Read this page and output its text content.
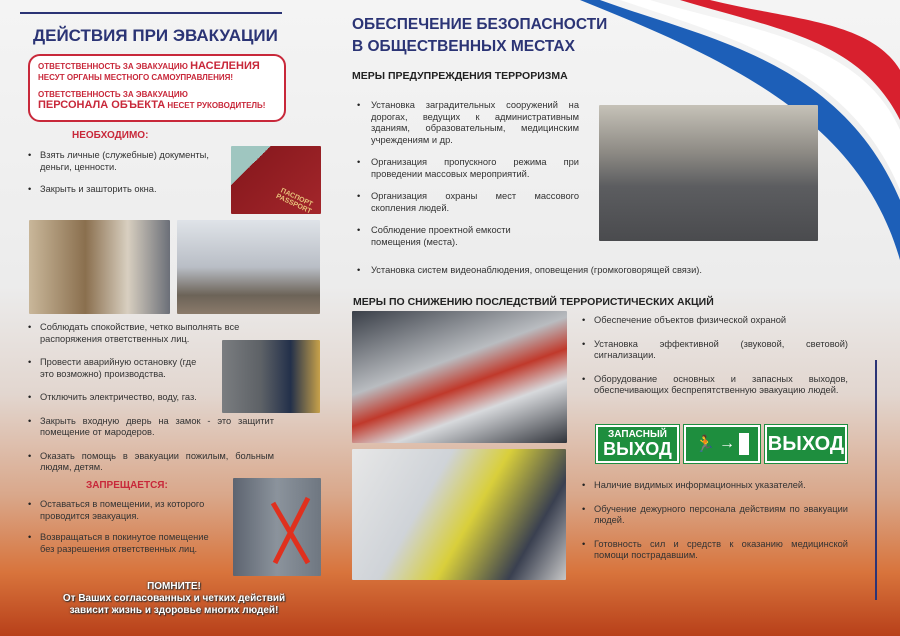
ДЕЙСТВИЯ ПРИ ЭВАКУАЦИИ
ОТВЕТСТВЕННОСТЬ ЗА ЭВАКУАЦИЮ НАСЕЛЕНИЯ
НЕСУТ ОРГАНЫ МЕСТНОГО САМОУПРАВЛЕНИЯ!
ОТВЕТСТВЕННОСТЬ ЗА ЭВАКУАЦИЮ
ПЕРСОНАЛА ОБЪЕКТА НЕСЕТ РУКОВОДИТЕЛЬ!
НЕОБХОДИМО:
• Взять личные (служебные) документы, деньги, ценности.
• Закрыть и зашторить окна.	ПАСПОРТ PASSPORT
• Соблюдать спокойствие, четко выполнять все распоряжения ответственных лиц.
• Провести аварийную остановку (где это возможно) производства.
• Отключить электричество, воду, газ.
• Закрыть входную дверь на замок - это защитит помещение от мародеров.
• Оказать помощь в эвакуации пожилым, больным людям, детям.
ЗАПРЕЩАЕТСЯ:
• Оставаться в помещении, из которого проводится эвакуация.
• Возвращаться в покинутое помещение без разрешения ответственных лиц.
ПОМНИТЕ!
От Ваших согласованных и четких действий
зависит жизнь и здоровье многих людей!
ОБЕСПЕЧЕНИЕ БЕЗОПАСНОСТИ
В ОБЩЕСТВЕННЫХ МЕСТАХ
МЕРЫ ПРЕДУПРЕЖДЕНИЯ ТЕРРОРИЗМА
• Установка заградительных сооружений на дорогах, ведущих к административным зданиям, образовательным, медицинским учреждениям и др.
• Организация пропускного режима при проведении массовых мероприятий.
• Организация охраны мест массового скопления людей.
• Соблюдение проектной емкости помещения (места).
• Установка систем видеонаблюдения, оповещения (громкоговорящей связи).
МЕРЫ ПО СНИЖЕНИЮ ПОСЛЕДСТВИЙ ТЕРРОРИСТИЧЕСКИХ АКЦИЙ
• Обеспечение объектов физической охраной
• Установка эффективной (звуковой, световой) сигнализации.
• Оборудование основных и запасных выходов, обеспечивающих беспрепятственную эвакуацию людей.
ЗАПАСНЫЙ
ВЫХОД 🏃 → ВЫХОД
• Наличие видимых информационных указателей.
• Обучение дежурного персонала действиям по эвакуации людей.
• Готовность сил и средств к оказанию медицинской помощи пострадавшим.
